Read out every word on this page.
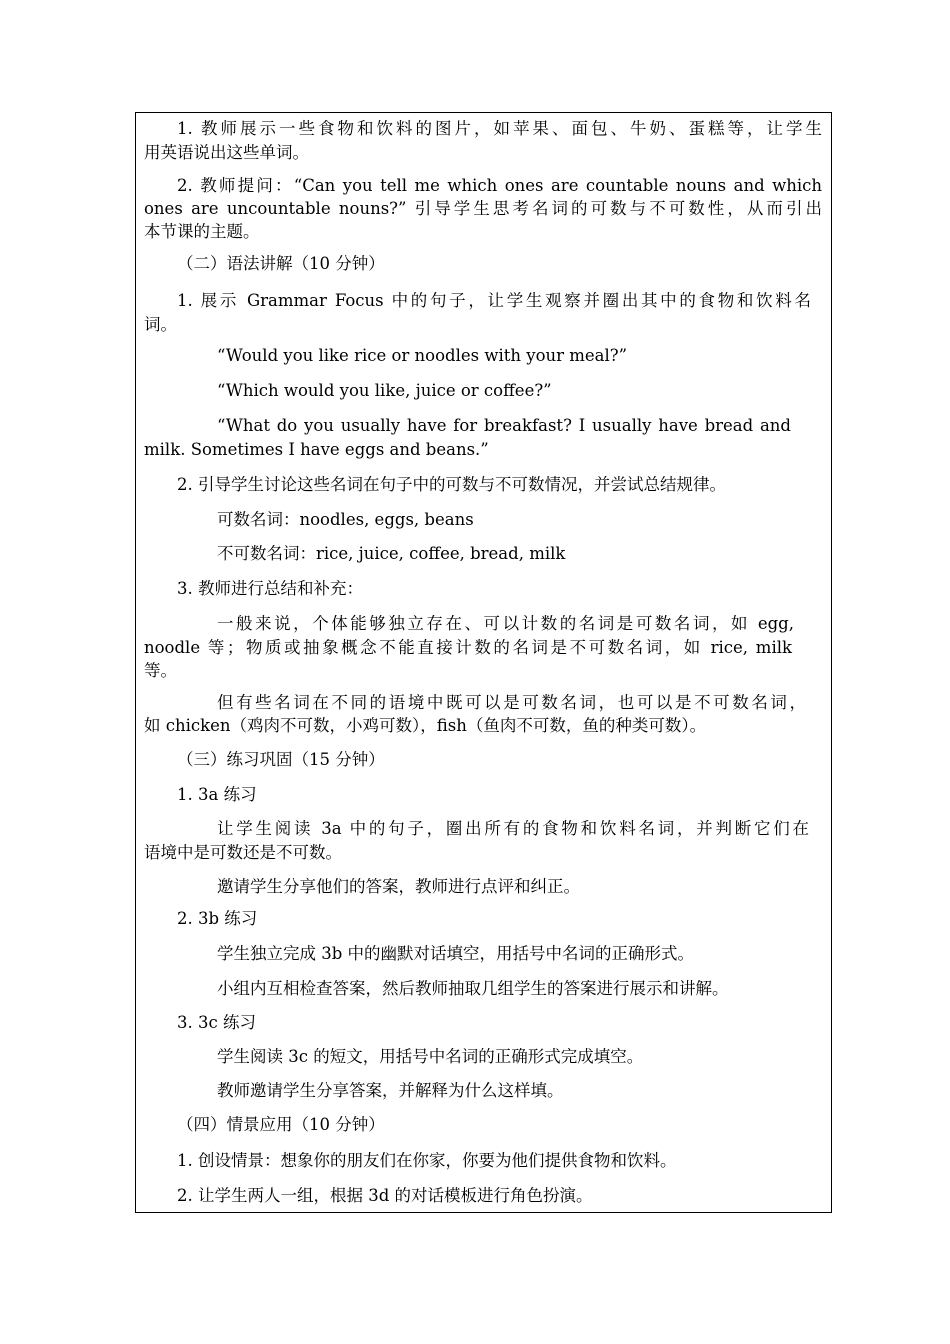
1. 教师展示一些食物和饮料的图片，如苹果、面包、牛奶、蛋糕等，让学生
用英语说出这些单词。
2. 教师提问：“Can you tell me which ones are countable nouns and which
ones are uncountable nouns?” 引导学生思考名词的可数与不可数性，从而引出
本节课的主题。
（二）语法讲解（10 分钟）
1. 展示 Grammar Focus 中的句子，让学生观察并圈出其中的食物和饮料名
词。
“Would you like rice or noodles with your meal?”
“Which would you like, juice or coffee?”
“What do you usually have for breakfast? I usually have bread and
milk. Sometimes I have eggs and beans.”
2. 引导学生讨论这些名词在句子中的可数与不可数情况，并尝试总结规律。
可数名词：noodles, eggs, beans
不可数名词：rice, juice, coffee, bread, milk
3. 教师进行总结和补充：
一般来说，个体能够独立存在、可以计数的名词是可数名词，如 egg,
noodle 等；物质或抽象概念不能直接计数的名词是不可数名词，如 rice, milk
等。
但有些名词在不同的语境中既可以是可数名词，也可以是不可数名词，
如 chicken（鸡肉不可数，小鸡可数），fish（鱼肉不可数，鱼的种类可数）。
（三）练习巩固（15 分钟）
1. 3a 练习
让学生阅读 3a 中的句子，圈出所有的食物和饮料名词，并判断它们在
语境中是可数还是不可数。
邀请学生分享他们的答案，教师进行点评和纠正。
2. 3b 练习
学生独立完成 3b 中的幽默对话填空，用括号中名词的正确形式。
小组内互相检查答案，然后教师抽取几组学生的答案进行展示和讲解。
3. 3c 练习
学生阅读 3c 的短文，用括号中名词的正确形式完成填空。
教师邀请学生分享答案，并解释为什么这样填。
（四）情景应用（10 分钟）
1. 创设情景：想象你的朋友们在你家，你要为他们提供食物和饮料。
2. 让学生两人一组，根据 3d 的对话模板进行角色扮演。
